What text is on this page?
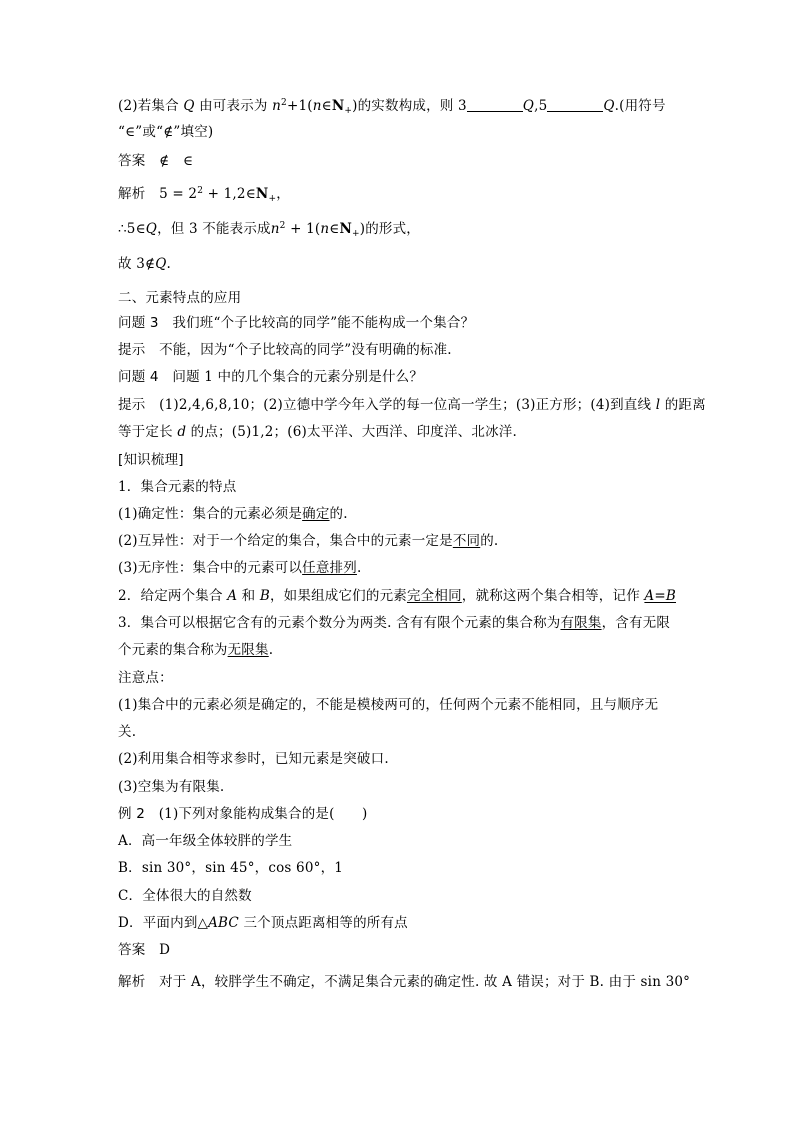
(2)若集合 Q 由可表示为 $n^2+1(n\in N_+)$的实数构成，则 3	Q,5	Q.(用符号
“∈”或“∉”填空)
答案　 ∉　∈
解析　 $5 = 2^2$ + $1,2\in N_+$，
∴5∈Q，但 3 不能表示成$n^2$ + $1(n\in N_+)$的形式，
故 3∉Q.
二、元素特点的应用
问题 3　 我们班“个子比较高的同学”能不能构成一个集合？
提示　 不能，因为“个子比较高的同学”没有明确的标准.
问题 4　 问题 1 中的几个集合的元素分别是什么？
提示　 (1)2,4,6,8,10；(2)立德中学今年入学的每一位高一学生；(3)正方形；(4)到直线 l 的距离
等于定长 d 的点；(5)1,2；(6)太平洋、大西洋、印度洋、北冰洋.
[知识梳理]
1．集合元素的特点
(1)确定性：集合的元素必须是确定的.
(2)互异性：对于一个给定的集合，集合中的元素一定是不同的.
(3)无序性：集合中的元素可以任意排列.
2．给定两个集合 A 和 B，如果组成它们的元素完全相同，就称这两个集合相等，记作 A=B
3．集合可以根据它含有的元素个数分为两类. 含有有限个元素的集合称为有限集，含有无限
个元素的集合称为无限集.
注意点：
(1)集合中的元素必须是确定的，不能是模棱两可的，任何两个元素不能相同，且与顺序无
关.
(2)利用集合相等求参时，已知元素是突破口.
(3)空集为有限集.
例 2　 (1)下列对象能构成集合的是(　　)
A．高一年级全体较胖的学生
B．sin 30°，sin 45°，cos 60°，1
C．全体很大的自然数
D．平面内到△ABC 三个顶点距离相等的所有点
答案　 D
解析　 对于 A，较胖学生不确定，不满足集合元素的确定性. 故 A 错误；对于 B. 由于 sin 30°
